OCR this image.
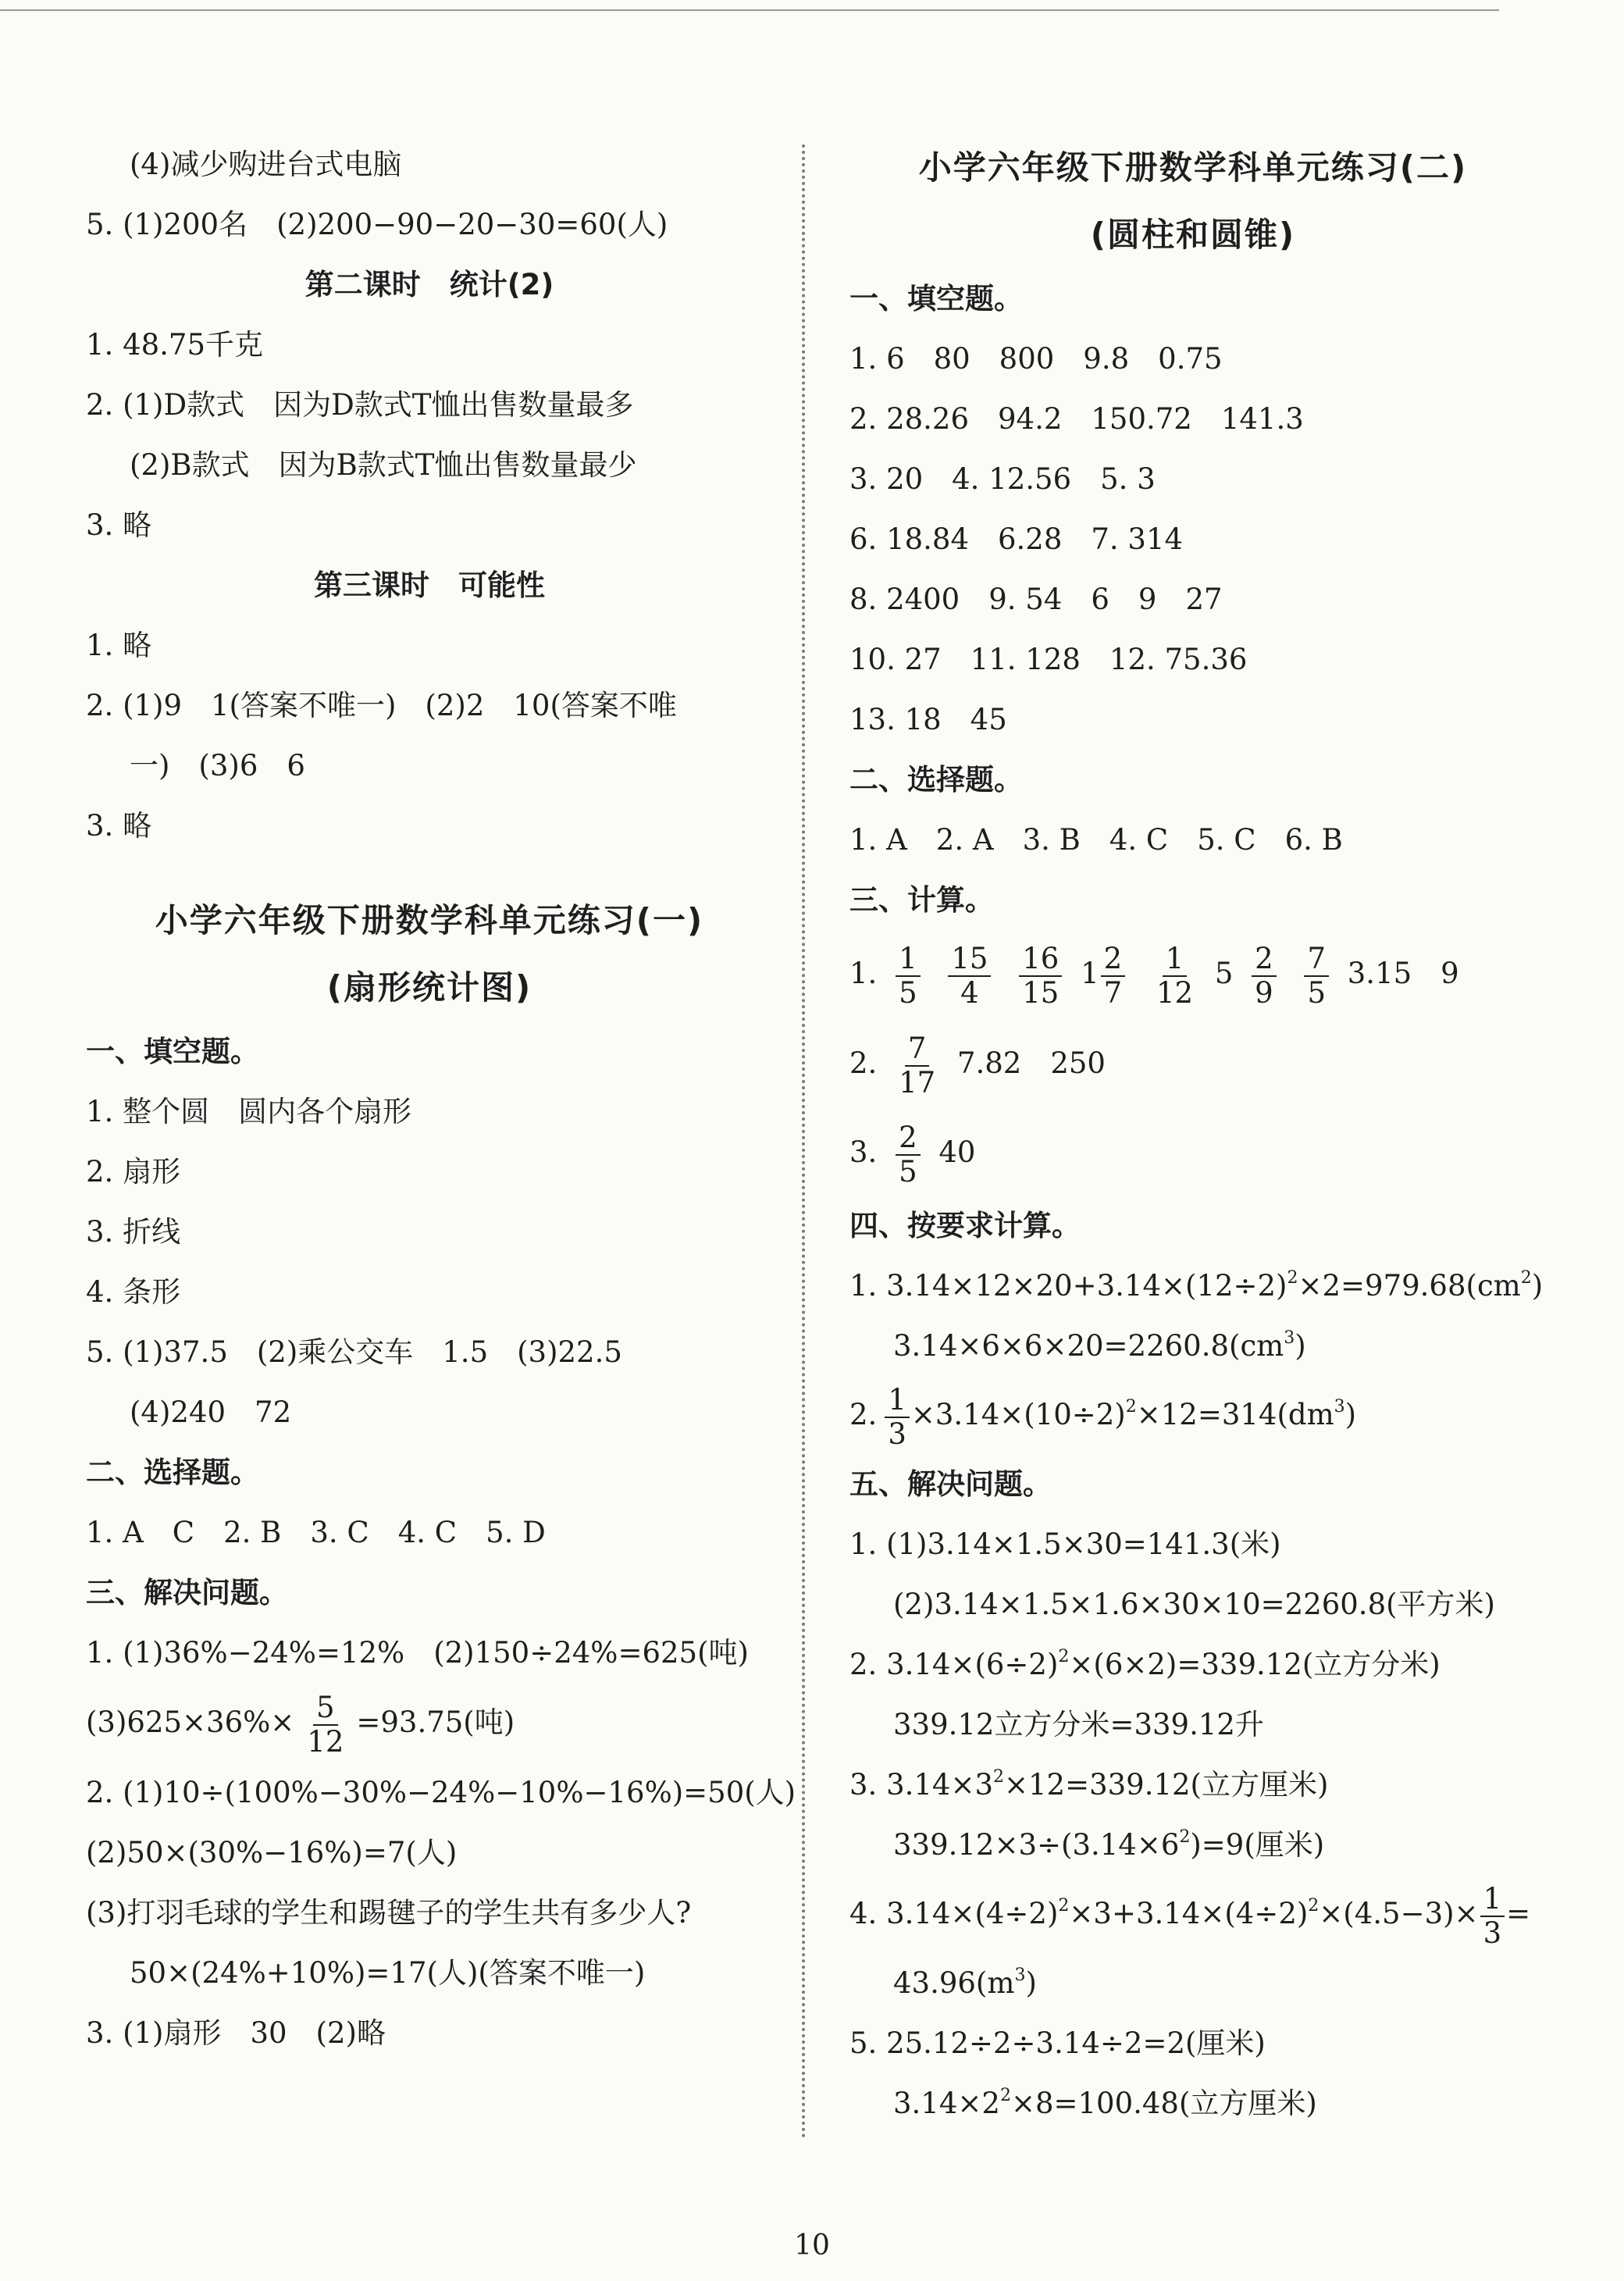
(4)减少购进台式电脑
5. (1)200名　(2)200−90−20−30=60(人)
第二课时　统计(2)
1. 48.75千克
2. (1)D款式　因为D款式T恤出售数量最多
(2)B款式　因为B款式T恤出售数量最少
3. 略
第三课时　可能性
1. 略
2. (1)9　1(答案不唯一)　(2)2　10(答案不唯
一)　(3)6　6
3. 略
小学六年级下册数学科单元练习(一)
(扇形统计图)
一、填空题。
1. 整个圆　圆内各个扇形
2. 扇形
3. 折线
4. 条形
5. (1)37.5　(2)乘公交车　1.5　(3)22.5
(4)240　72
二、选择题。
1. A　C　2. B　3. C　4. C　5. D
三、解决问题。
1. (1)36%−24%=12%　(2)150÷24%=625(吨)
$(3)625\times 36\%\times \frac{5}{12} =93.75$(吨)
2. (1)10÷(100%−30%−24%−10%−16%)=50(人)
(2)50×(30%−16%)=7(人)
(3)打羽毛球的学生和踢毽子的学生共有多少人?
50×(24%+10%)=17(人)(答案不唯一)
3. (1)扇形　30　(2)略
小学六年级下册数学科单元练习(二)
(圆柱和圆锥)
一、填空题。
1. 6　80　800　9.8　0.75
2. 28.26　94.2　150.72　141.3
3. 20　4. 12.56　5. 3
6. 18.84　6.28　7. 314
8. 2400　9. 54　6　9　27
10. 27　11. 128　12. 75.36
13. 18　45
二、选择题。
1. A　2. A　3. B　4. C　5. C　6. B
三、计算。
1. $\frac{1}{5}$
$\frac{15}{4}$
$\frac{16}{15} 1 \frac{2}{7}$
$\frac{1}{12} 5 \frac{2}{9}$
$\frac{7}{5} 3.15$　9
2. $\frac{7}{17} 7.82$　250
3. $\frac{2}{5} 40$
四、按要求计算。
1. $3.14\times 12\times 20+3.14\times(12\div 2)^2\times 2=979.68(cm^2)$
$3.14\times 6\times 6\times 20=2260.8(cm^3)$
2. $\frac{1}{3} \times 3.14\times(10\div 2)^2\times 12=314(dm^3)$
五、解决问题。
1. (1)3.14×1.5×30=141.3(米)
(2)3.14×1.5×1.6×30×10=2260.8(平方米)
2. $3.14\times(6\div 2)^2\times(6\times 2)=339.12$(立方分米)
339.12立方分米=339.12升
3. $3.14\times 3^2\times 12=339.12$(立方厘米)
$339.12\times 3\div(3.14\times 6^2)=9$(厘米)
4. $3.14\times(4\div 2)^2\times 3+3.14\times(4\div 2)^2\times(4.5-3)\times \frac{1}{3}$ =
$43.96(m^3)$
5. 25.12÷2÷3.14÷2=2(厘米)
$3.14\times 2^2\times 8=100.48$(立方厘米)
10
